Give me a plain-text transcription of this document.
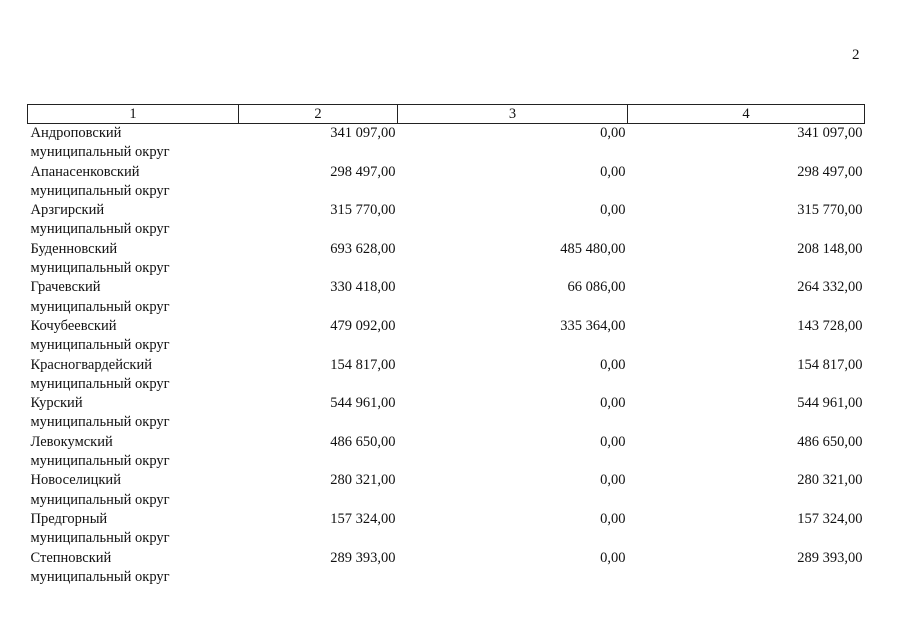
2
1	2	3	4

Андроповский
муниципальный округ	341 097,00	0,00	341 097,00

Апанасенковский
муниципальный округ	298 497,00	0,00	298 497,00

Арзгирский
муниципальный округ	315 770,00	0,00	315 770,00

Буденновский
муниципальный округ	693 628,00	485 480,00	208 148,00

Грачевский
муниципальный округ	330 418,00	66 086,00	264 332,00

Кочубеевский
муниципальный округ	479 092,00	335 364,00	143 728,00

Красногвардейский
муниципальный округ	154 817,00	0,00	154 817,00

Курский
муниципальный округ	544 961,00	0,00	544 961,00

Левокумский
муниципальный округ	486 650,00	0,00	486 650,00

Новоселицкий
муниципальный округ	280 321,00	0,00	280 321,00

Предгорный
муниципальный округ	157 324,00	0,00	157 324,00

Степновский
муниципальный округ	289 393,00	0,00	289 393,00
